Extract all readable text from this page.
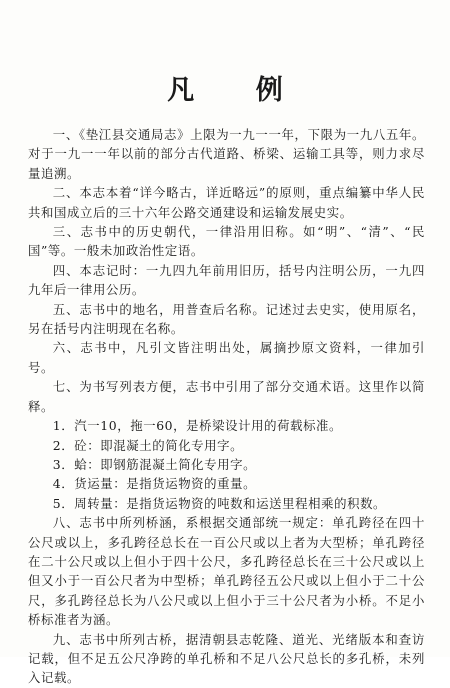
凡 例

一、《垫江县交通局志》上限为一九一一年，下限为一九八五年。对于一九一一年以前的部分古代道路、桥梁、运输工具等，则力求尽量追溯。

二、本志本着“详今略古，详近略远”的原则，重点编纂中华人民共和国成立后的三十六年公路交通建设和运输发展史实。

三、志书中的历史朝代，一律沿用旧称。如“明”、“清”、“民国”等。一般未加政治性定语。

四、本志记时：一九四九年前用旧历，括号内注明公历，一九四九年后一律用公历。

五、志书中的地名，用普查后名称。记述过去史实，使用原名，另在括号内注明现在名称。

六、志书中，凡引文皆注明出处，属摘抄原文资料，一律加引号。

七、为书写列表方便，志书中引用了部分交通术语。这里作以简释。

1．汽一10，拖一60，是桥梁设计用的荷载标准。

2．砼：即混凝土的简化专用字。

3．蛤：即钢筋混凝土简化专用字。

4．货运量：是指货运物资的重量。

5．周转量：是指货运物资的吨数和运送里程相乘的积数。

八、志书中所列桥涵，系根据交通部统一规定：单孔跨径在四十公尺或以上，多孔跨径总长在一百公尺或以上者为大型桥；单孔跨径在二十公尺或以上但小于四十公尺，多孔跨径总长在三十公尺或以上但又小于一百公尺者为中型桥；单孔跨径五公尺或以上但小于二十公尺，多孔跨径总长为八公尺或以上但小于三十公尺者为小桥。不足小桥标准者为涵。

九、志书中所列古桥，据清朝县志乾隆、道光、光绪版本和查访记载，但不足五公尺净跨的单孔桥和不足八公尺总长的多孔桥，未列入记载。
